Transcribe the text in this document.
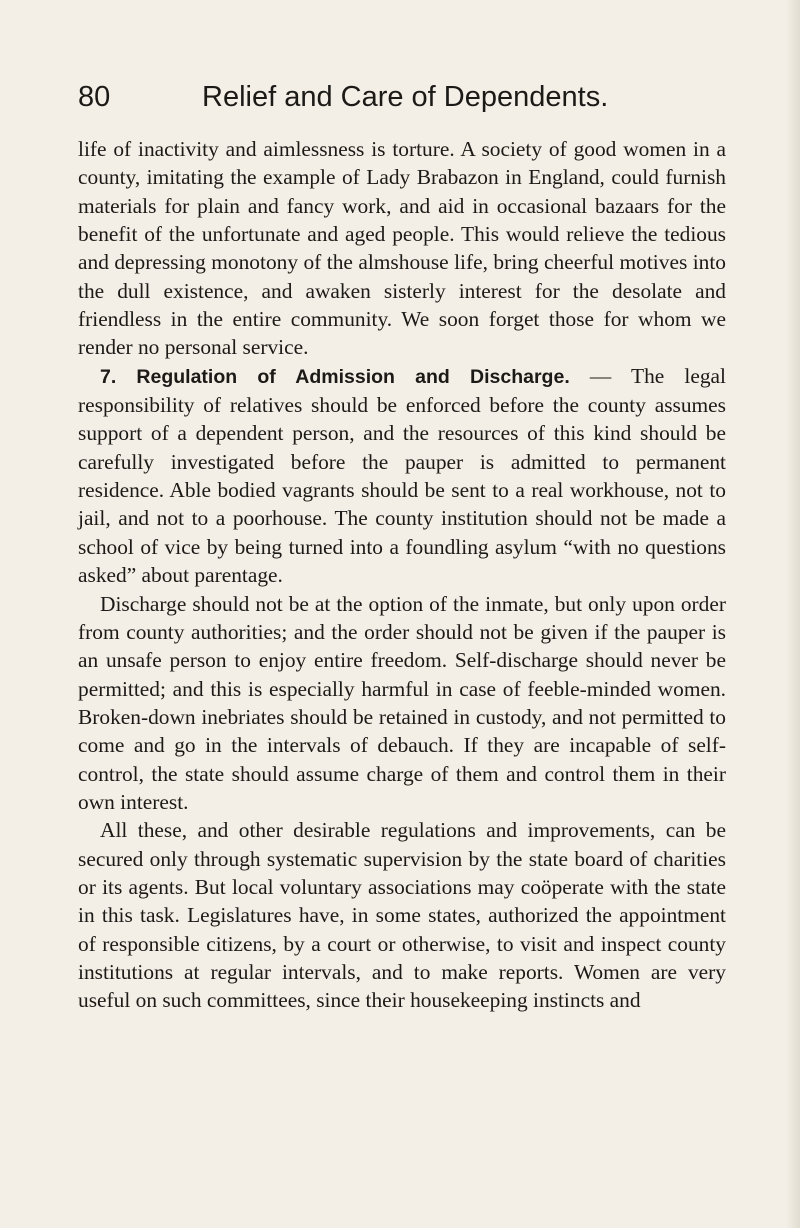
80	Relief and Care of Dependents.

life of inactivity and aimlessness is torture. A society of good women in a county, imitating the example of Lady Brabazon in England, could furnish materials for plain and fancy work, and aid in occasional bazaars for the benefit of the unfortunate and aged people. This would relieve the tedious and depressing monotony of the almshouse life, bring cheerful motives into the dull existence, and awaken sisterly interest for the desolate and friendless in the entire community. We soon forget those for whom we render no personal service.

7. Regulation of Admission and Discharge. — The legal responsibility of relatives should be enforced before the county assumes support of a dependent person, and the resources of this kind should be carefully investigated before the pauper is admitted to permanent residence. Able bodied vagrants should be sent to a real workhouse, not to jail, and not to a poorhouse. The county institution should not be made a school of vice by being turned into a foundling asylum “with no questions asked” about parentage.

Discharge should not be at the option of the inmate, but only upon order from county authorities; and the order should not be given if the pauper is an unsafe person to enjoy entire freedom. Self-discharge should never be permitted; and this is especially harmful in case of feeble-minded women. Broken-down inebriates should be retained in custody, and not permitted to come and go in the intervals of debauch. If they are incapable of self-control, the state should assume charge of them and control them in their own interest.

All these, and other desirable regulations and improvements, can be secured only through systematic supervision by the state board of charities or its agents. But local voluntary associations may coöperate with the state in this task. Legislatures have, in some states, authorized the appointment of responsible citizens, by a court or otherwise, to visit and inspect county institutions at regular intervals, and to make reports. Women are very useful on such committees, since their housekeeping instincts and
